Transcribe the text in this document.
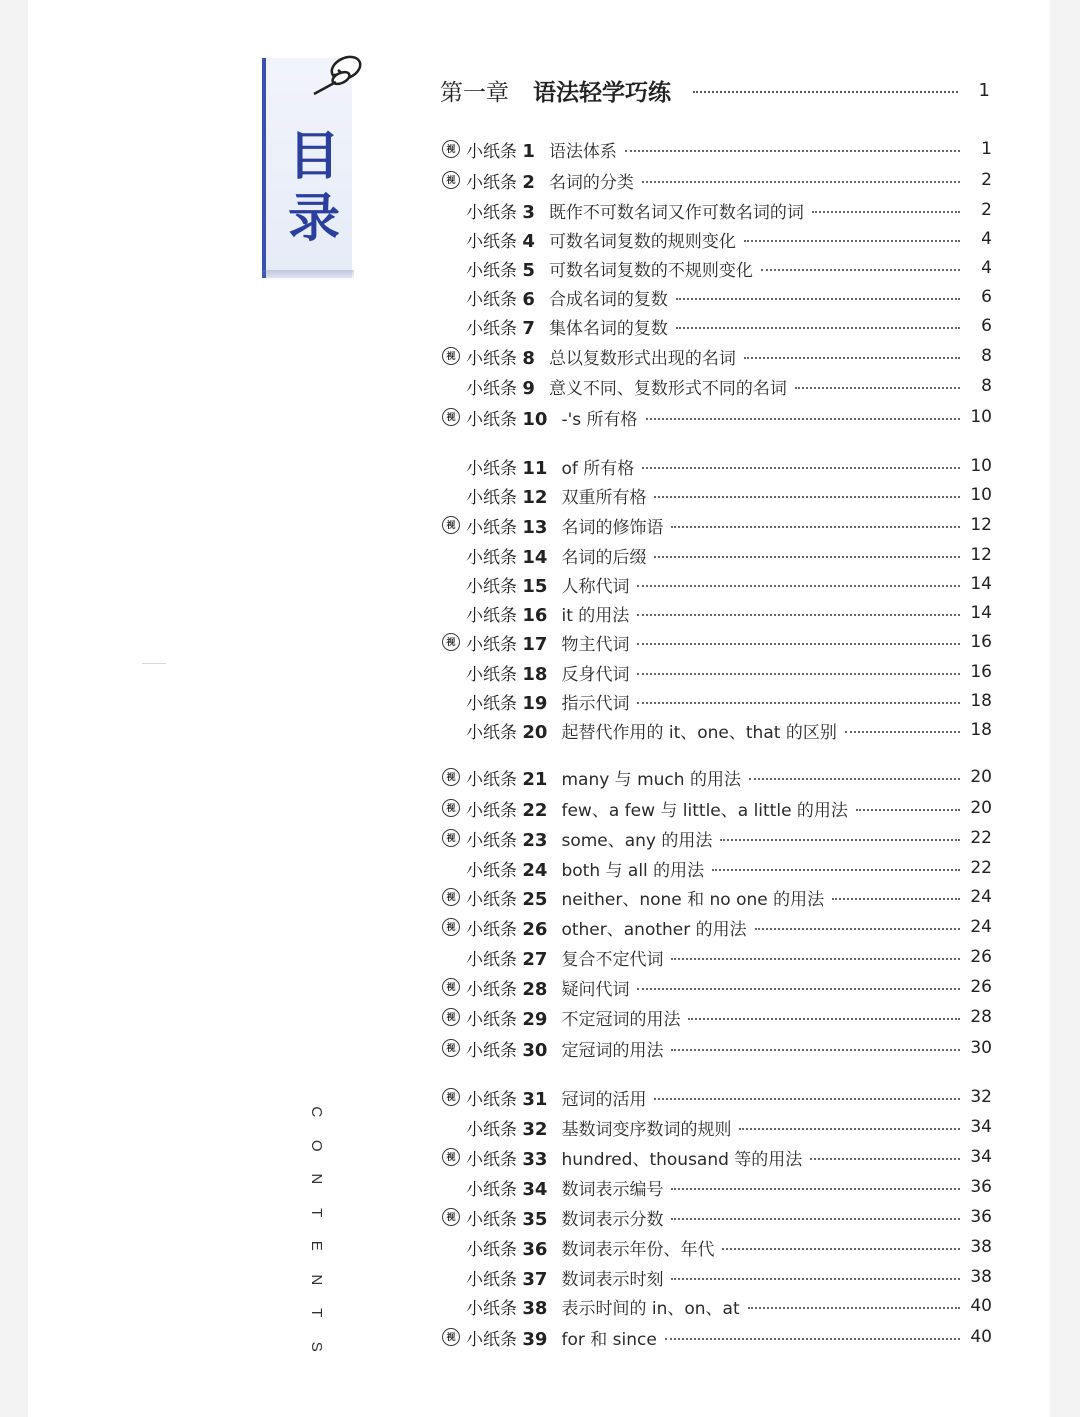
目
录
C
O
N
T
E
N
T
S
第一章 语法轻学巧练	1
视 小纸条 1 语法体系	1
视 小纸条 2 名词的分类	2
小纸条 3 既作不可数名词又作可数名词的词	2
小纸条 4 可数名词复数的规则变化	4
小纸条 5 可数名词复数的不规则变化	4
小纸条 6 合成名词的复数	6
小纸条 7 集体名词的复数	6
视 小纸条 8 总以复数形式出现的名词	8
小纸条 9 意义不同、复数形式不同的名词	8
视 小纸条 10 -'s 所有格	10
小纸条 11 of 所有格	10
小纸条 12 双重所有格	10
视 小纸条 13 名词的修饰语	12
小纸条 14 名词的后缀	12
小纸条 15 人称代词	14
小纸条 16 it 的用法	14
视 小纸条 17 物主代词	16
小纸条 18 反身代词	16
小纸条 19 指示代词	18
小纸条 20 起替代作用的 it、one、that 的区别	18
视 小纸条 21 many 与 much 的用法	20
视 小纸条 22 few、a few 与 little、a little 的用法	20
视 小纸条 23 some、any 的用法	22
小纸条 24 both 与 all 的用法	22
视 小纸条 25 neither、none 和 no one 的用法	24
视 小纸条 26 other、another 的用法	24
小纸条 27 复合不定代词	26
视 小纸条 28 疑问代词	26
视 小纸条 29 不定冠词的用法	28
视 小纸条 30 定冠词的用法	30
视 小纸条 31 冠词的活用	32
小纸条 32 基数词变序数词的规则	34
视 小纸条 33 hundred、thousand 等的用法	34
小纸条 34 数词表示编号	36
视 小纸条 35 数词表示分数	36
小纸条 36 数词表示年份、年代	38
小纸条 37 数词表示时刻	38
小纸条 38 表示时间的 in、on、at	40
视 小纸条 39 for 和 since	40
